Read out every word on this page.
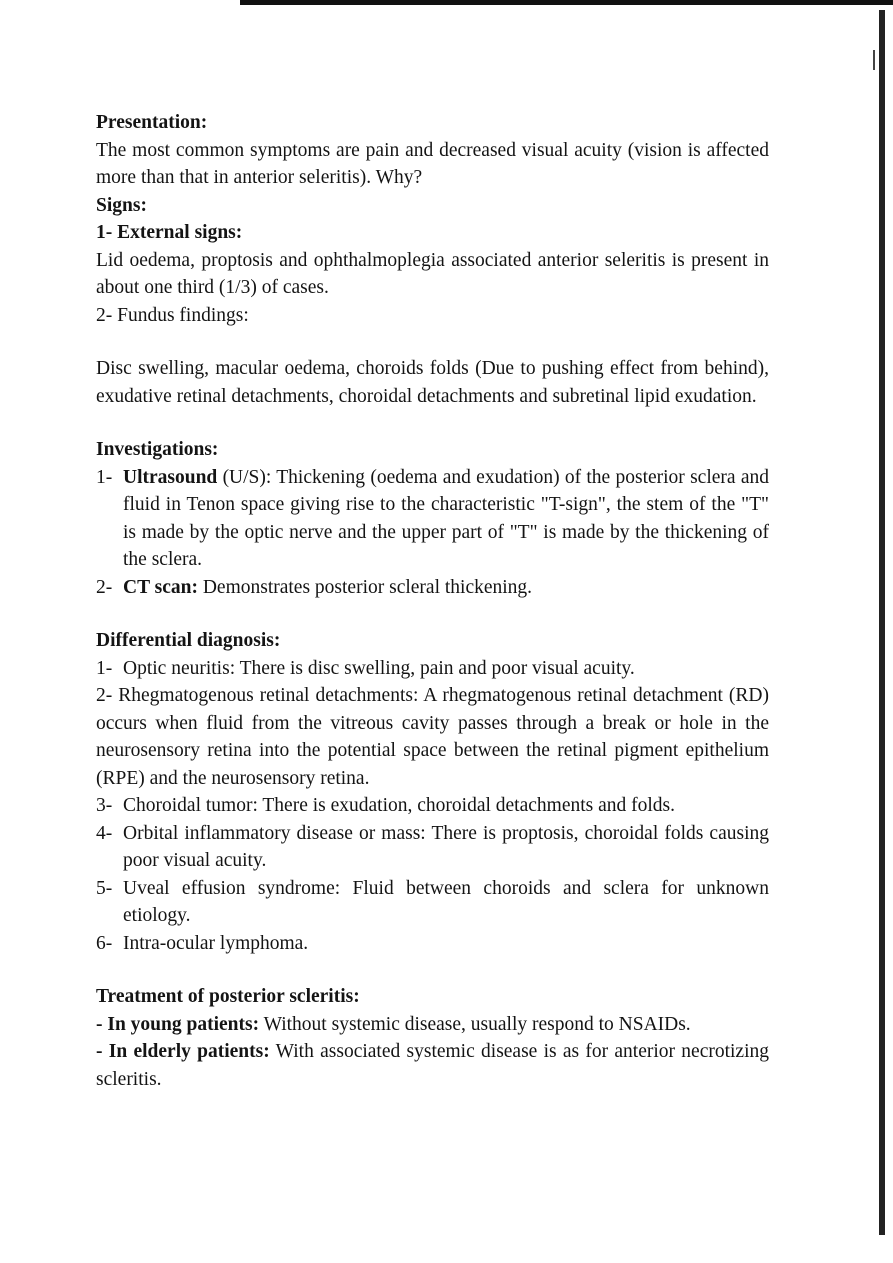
Presentation:
The most common symptoms are pain and decreased visual acuity (vision is affected more than that in anterior seleritis). Why?
Signs:
1- External signs:
Lid oedema, proptosis and ophthalmoplegia associated anterior seleritis is present in about one third (1/3) of cases.
2- Fundus findings:
Disc swelling, macular oedema, choroids folds (Due to pushing effect from behind), exudative retinal detachments, choroidal detachments and subretinal lipid exudation.
Investigations:
1- Ultrasound (U/S): Thickening (oedema and exudation) of the posterior sclera and fluid in Tenon space giving rise to the characteristic "T-sign", the stem of the "T" is made by the optic nerve and the upper part of "T" is made by the thickening of the sclera.
2- CT scan: Demonstrates posterior scleral thickening.
Differential diagnosis:
1- Optic neuritis: There is disc swelling, pain and poor visual acuity.
2- Rhegmatogenous retinal detachments: A rhegmatogenous retinal detachment (RD) occurs when fluid from the vitreous cavity passes through a break or hole in the neurosensory retina into the potential space between the retinal pigment epithelium (RPE) and the neurosensory retina.
3- Choroidal tumor: There is exudation, choroidal detachments and folds.
4- Orbital inflammatory disease or mass: There is proptosis, choroidal folds causing poor visual acuity.
5- Uveal effusion syndrome: Fluid between choroids and sclera for unknown etiology.
6- Intra-ocular lymphoma.
Treatment of posterior scleritis:
- In young patients: Without systemic disease, usually respond to NSAIDs.
- In elderly patients: With associated systemic disease is as for anterior necrotizing scleritis.
